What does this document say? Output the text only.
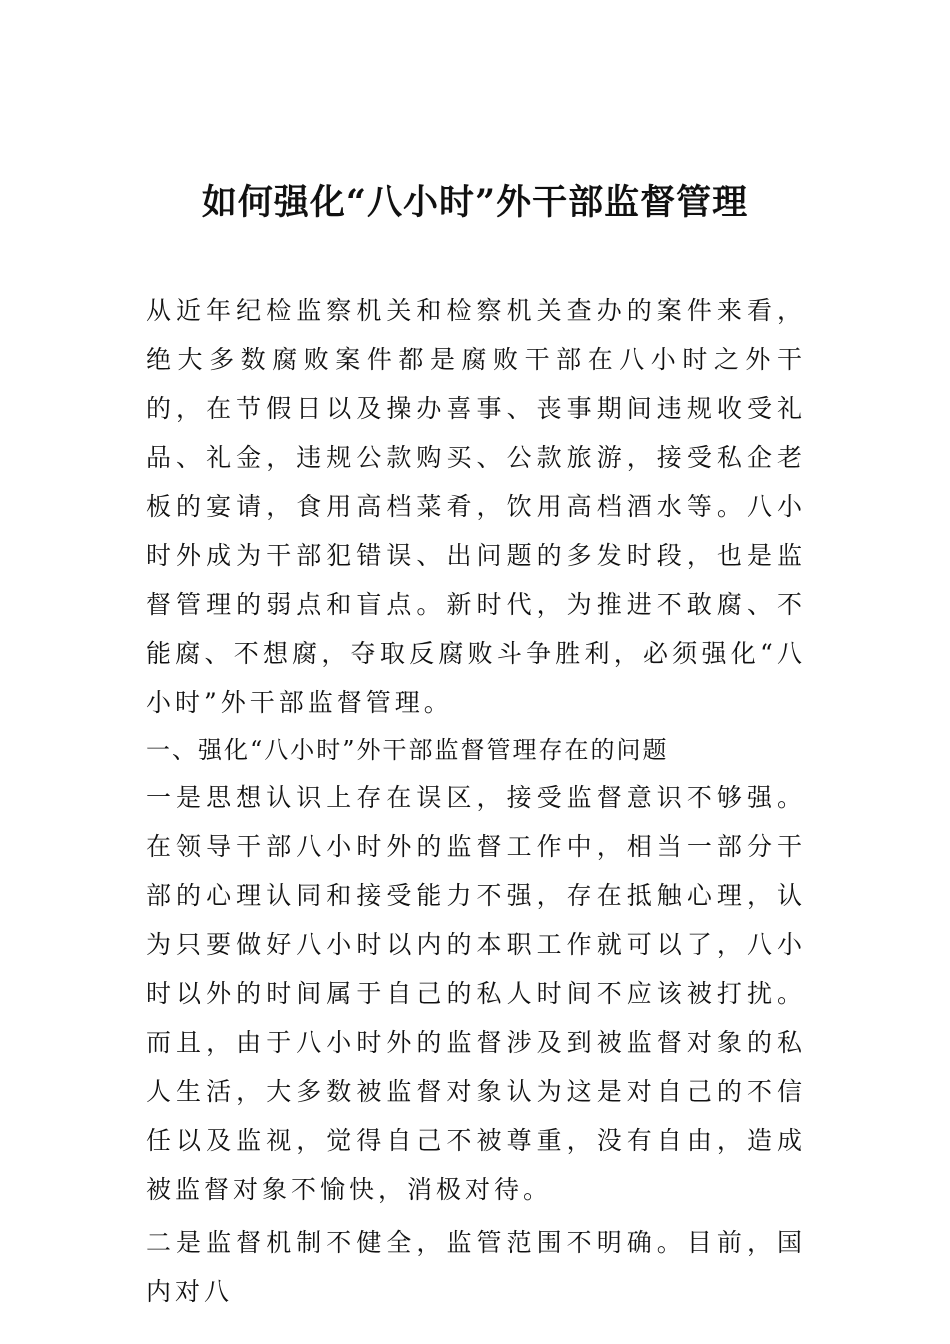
如何强化“八小时”外干部监督管理

从近年纪检监察机关和检察机关查办的案件来看，绝大多数腐败案件都是腐败干部在八小时之外干的，在节假日以及操办喜事、丧事期间违规收受礼品、礼金，违规公款购买、公款旅游，接受私企老板的宴请，食用高档菜肴，饮用高档酒水等。八小时外成为干部犯错误、出问题的多发时段，也是监督管理的弱点和盲点。新时代，为推进不敢腐、不能腐、不想腐，夺取反腐败斗争胜利，必须强化“八小时”外干部监督管理。

一、强化“八小时”外干部监督管理存在的问题

一是思想认识上存在误区，接受监督意识不够强。在领导干部八小时外的监督工作中，相当一部分干部的心理认同和接受能力不强，存在抵触心理，认为只要做好八小时以内的本职工作就可以了，八小时以外的时间属于自己的私人时间不应该被打扰。而且，由于八小时外的监督涉及到被监督对象的私人生活，大多数被监督对象认为这是对自己的不信任以及监视，觉得自己不被尊重，没有自由，造成被监督对象不愉快，消极对待。

二是监督机制不健全，监管范围不明确。目前，国内对八
